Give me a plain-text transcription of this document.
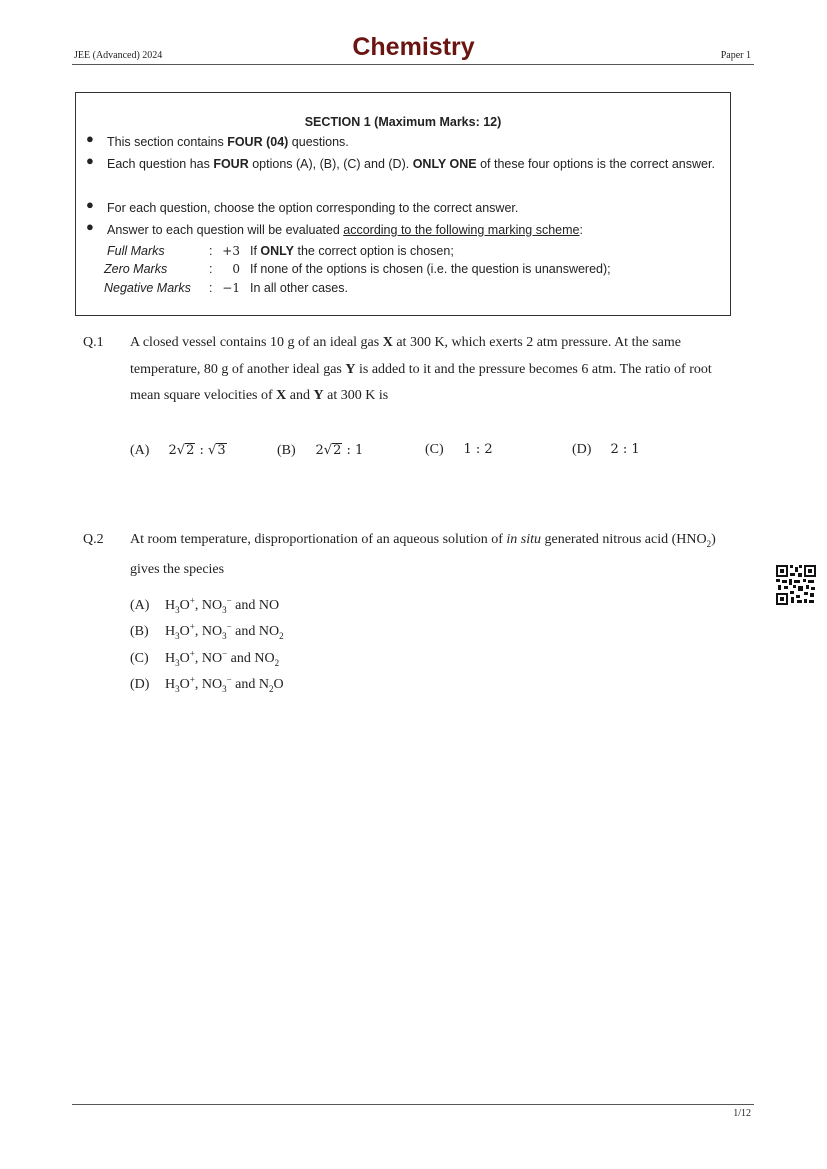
JEE (Advanced) 2024	Chemistry	Paper 1
SECTION 1 (Maximum Marks: 12)
● This section contains FOUR (04) questions.
● Each question has FOUR options (A), (B), (C) and (D). ONLY ONE of these four options is the correct answer.
● For each question, choose the option corresponding to the correct answer.
● Answer to each question will be evaluated according to the following marking scheme:
Full Marks	: +3 If ONLY the correct option is chosen;
Zero Marks	:	0 If none of the options is chosen (i.e. the question is unanswered);
Negative Marks : −1 In all other cases.
Q.1 A closed vessel contains 10 g of an ideal gas X at 300 K, which exerts 2 atm pressure. At the same temperature, 80 g of another ideal gas Y is added to it and the pressure becomes 6 atm. The ratio of root mean square velocities of X and Y at 300 K is
(A) 2√2 : √3	(B) 2√2 : 1	(C) 1 : 2	(D) 2 : 1
Q.2 At room temperature, disproportionation of an aqueous solution of in situ generated nitrous acid $(HNO_2)$ gives the species
(A) $H_3O^+$, $NO_3^-$ and NO
(B) $H_3O^+$, $NO_3^-$ and $NO_2$
(C) $H_3O^+$, NO− and $NO_2$
(D) $H_3O^+$, $NO_3^-$ and $N_2O$
1/12
